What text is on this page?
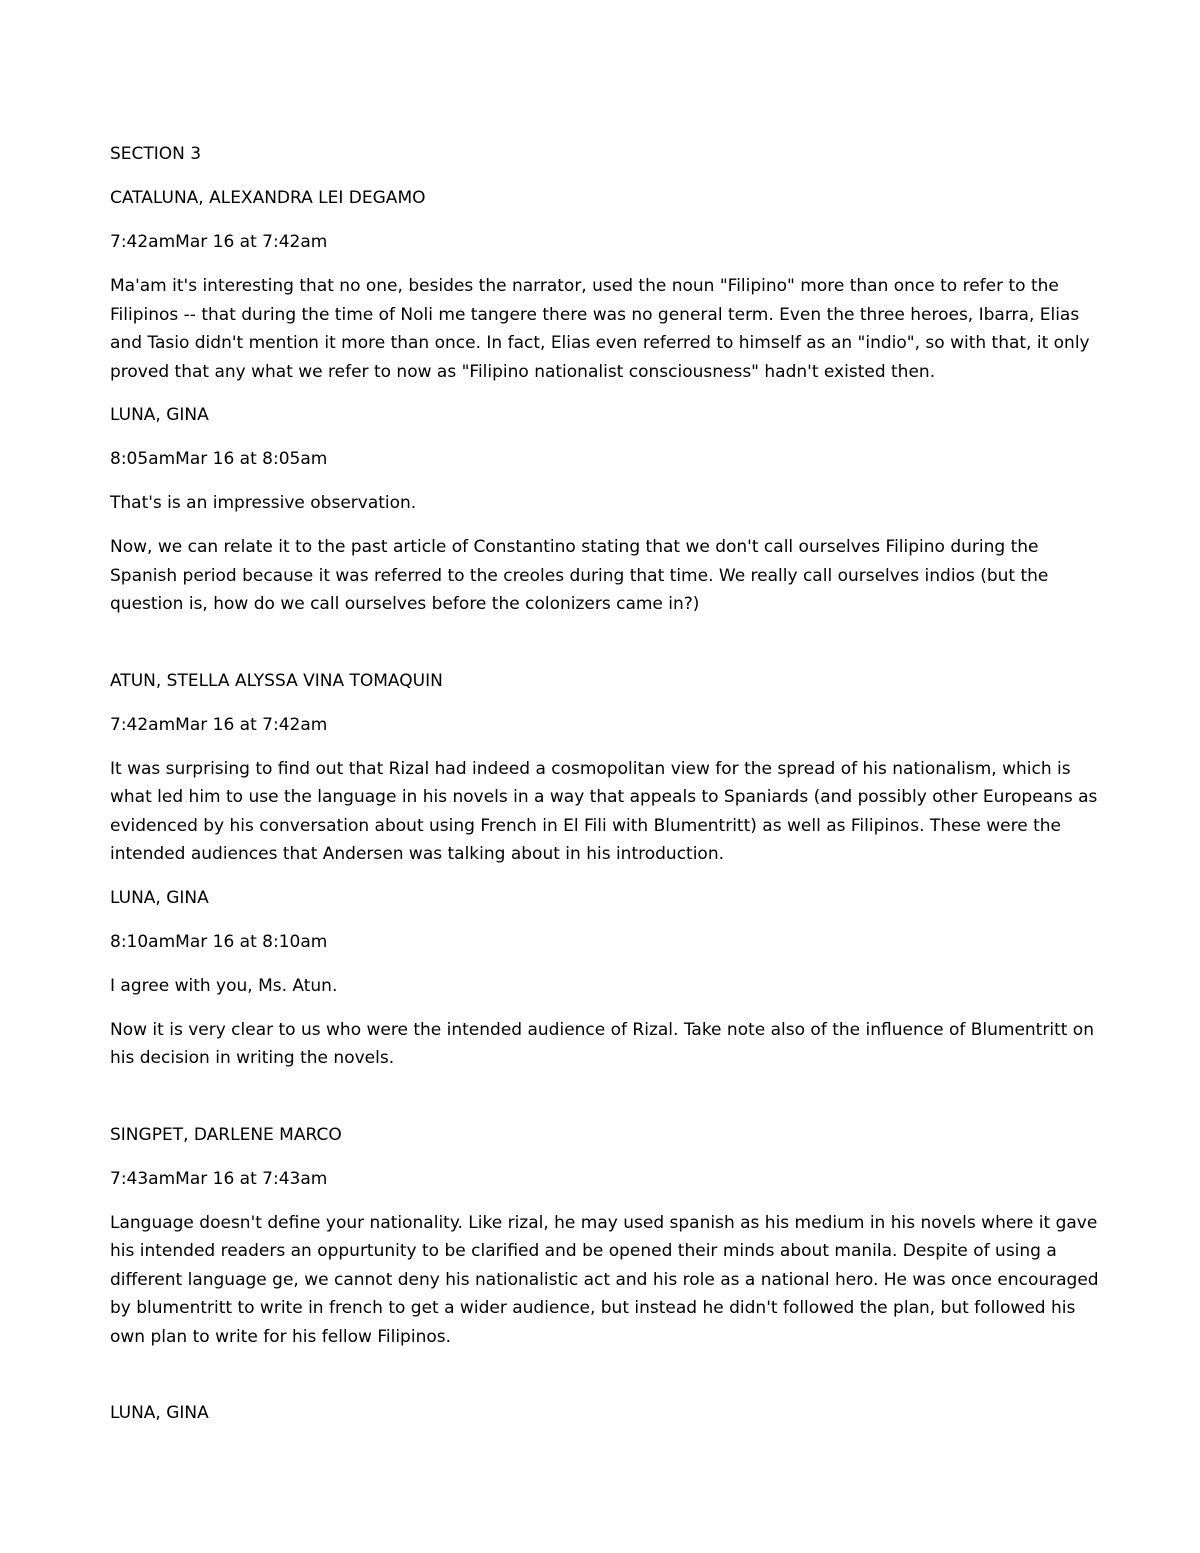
SECTION 3

CATALUNA, ALEXANDRA LEI DEGAMO

7:42amMar 16 at 7:42am

Ma'am it's interesting that no one, besides the narrator, used the noun "Filipino" more than once to refer to the Filipinos -- that during the time of Noli me tangere there was no general term. Even the three heroes, Ibarra, Elias and Tasio didn't mention it more than once. In fact, Elias even referred to himself as an "indio", so with that, it only proved that any what we refer to now as "Filipino nationalist consciousness" hadn't existed then.

LUNA, GINA

8:05amMar 16 at 8:05am

That's is an impressive observation.

Now, we can relate it to the past article of Constantino stating that we don't call ourselves Filipino during the Spanish period because it was referred to the creoles during that time. We really call ourselves indios (but the question is, how do we call ourselves before the colonizers came in?)

ATUN, STELLA ALYSSA VINA TOMAQUIN

7:42amMar 16 at 7:42am

It was surprising to find out that Rizal had indeed a cosmopolitan view for the spread of his nationalism, which is what led him to use the language in his novels in a way that appeals to Spaniards (and possibly other Europeans as evidenced by his conversation about using French in El Fili with Blumentritt) as well as Filipinos. These were the intended audiences that Andersen was talking about in his introduction.

LUNA, GINA

8:10amMar 16 at 8:10am

I agree with you, Ms. Atun.

Now it is very clear to us who were the intended audience of Rizal. Take note also of the influence of Blumentritt on his decision in writing the novels.

SINGPET, DARLENE MARCO

7:43amMar 16 at 7:43am

Language doesn't define your nationality. Like rizal, he may used spanish as his medium in his novels where it gave his intended readers an oppurtunity to be clarified and be opened their minds about manila. Despite of using a different language ge, we cannot deny his nationalistic act and his role as a national hero. He was once encouraged by blumentritt to write in french to get a wider audience, but instead he didn't followed the plan, but followed his own plan to write for his fellow Filipinos.

LUNA, GINA
